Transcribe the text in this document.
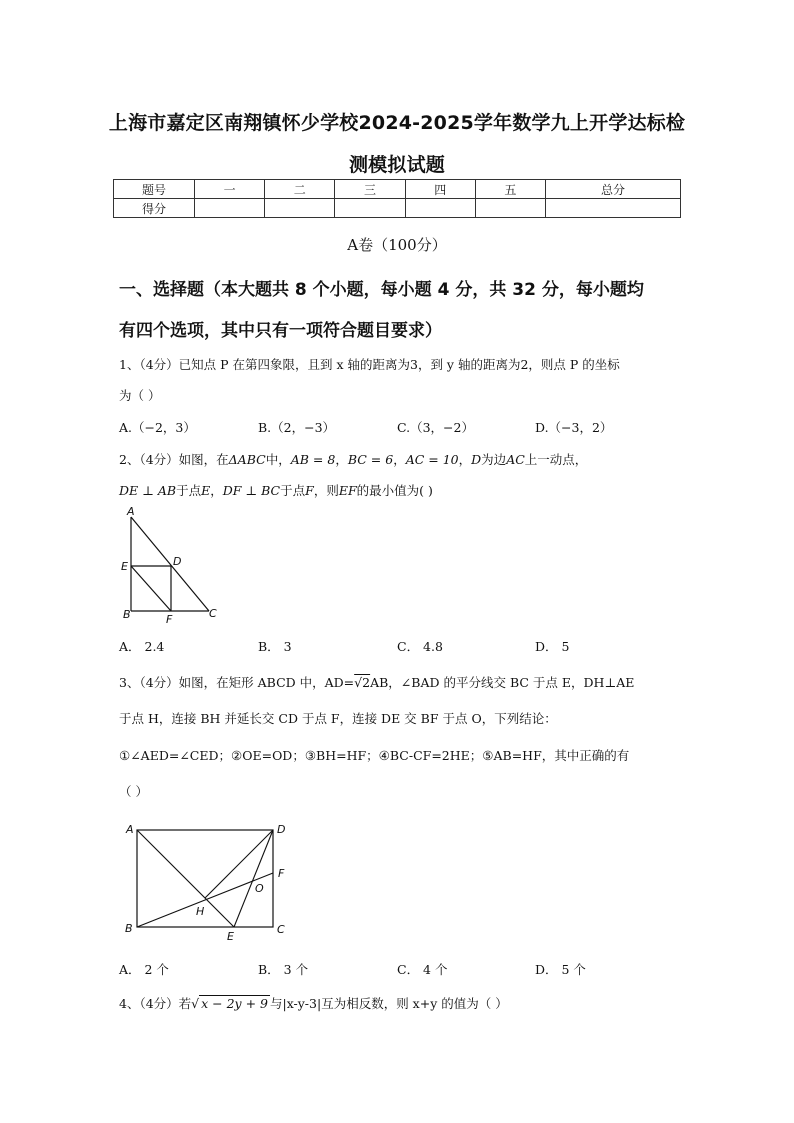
上海市嘉定区南翔镇怀少学校2024-2025学年数学九上开学达标检
测模拟试题
题号	一	二	三	四	五	总分
得分						
A卷（100分）
一、选择题（本大题共 8 个小题，每小题 4 分，共 32 分，每小题均
有四个选项，其中只有一项符合题目要求）
1、（4分）已知点 P 在第四象限，且到 x 轴的距离为3，到 y 轴的距离为2，则点 P 的坐标
为（ ）
A.（−2，3）	B.（2，−3）	C.（3，−2）	D.（−3，2）
2、（4分）如图，在ΔABC中，AB = 8，BC = 6，AC = 10，D为边AC上一动点，
DE ⊥ AB于点E，DF ⊥ BC于点F，则EF的最小值为( )
A
E	D
B	F	C
A． 2.4	B． 3	C． 4.8	D． 5
3、（4分）如图，在矩形 ABCD 中，AD=√2AB，∠BAD 的平分线交 BC 于点 E，DH⊥AE
于点 H，连接 BH 并延长交 CD 于点 F，连接 DE 交 BF 于点 O，下列结论：
①∠AED=∠CED；②OE=OD；③BH=HF；④BC-CF=2HE；⑤AB=HF，其中正确的有
（ ）
A	D
F
O
H
B
E
C
A． 2 个	B． 3 个	C． 4 个	D． 5 个
4、（4分）若√ x − 2y + 9 与|x-y-3|互为相反数，则 x+y 的值为（ ）
